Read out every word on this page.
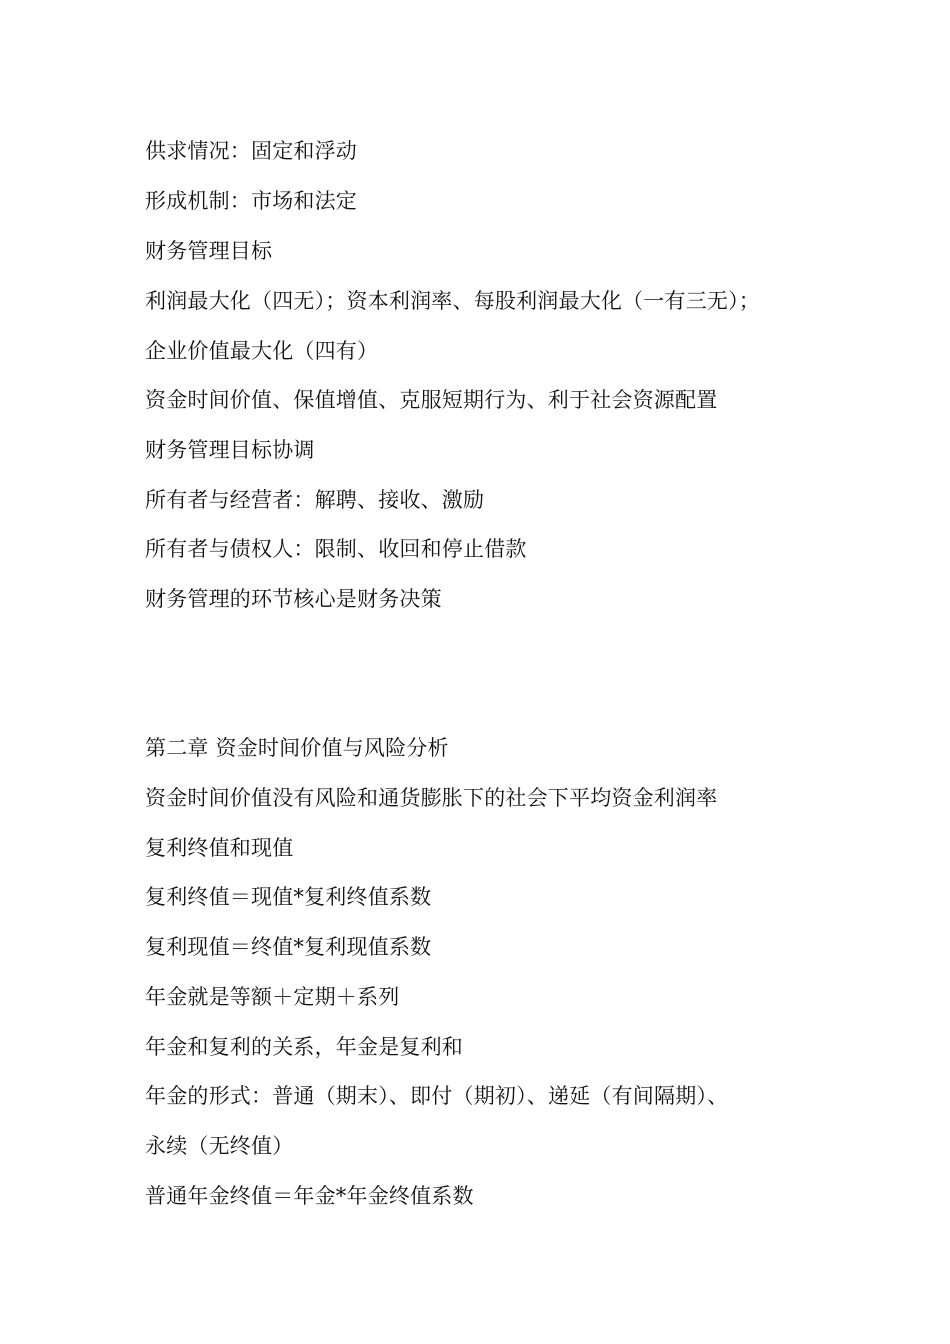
供求情况：固定和浮动
形成机制：市场和法定
财务管理目标
利润最大化（四无）；资本利润率、每股利润最大化（一有三无）；
企业价值最大化（四有）
资金时间价值、保值增值、克服短期行为、利于社会资源配置
财务管理目标协调
所有者与经营者：解聘、接收、激励
所有者与债权人：限制、收回和停止借款
财务管理的环节核心是财务决策
第二章 资金时间价值与风险分析
资金时间价值没有风险和通货膨胀下的社会下平均资金利润率
复利终值和现值
复利终值＝现值*复利终值系数
复利现值＝终值*复利现值系数
年金就是等额＋定期＋系列
年金和复利的关系，年金是复利和
年金的形式：普通（期末）、即付（期初）、递延（有间隔期）、
永续（无终值）
普通年金终值＝年金*年金终值系数
